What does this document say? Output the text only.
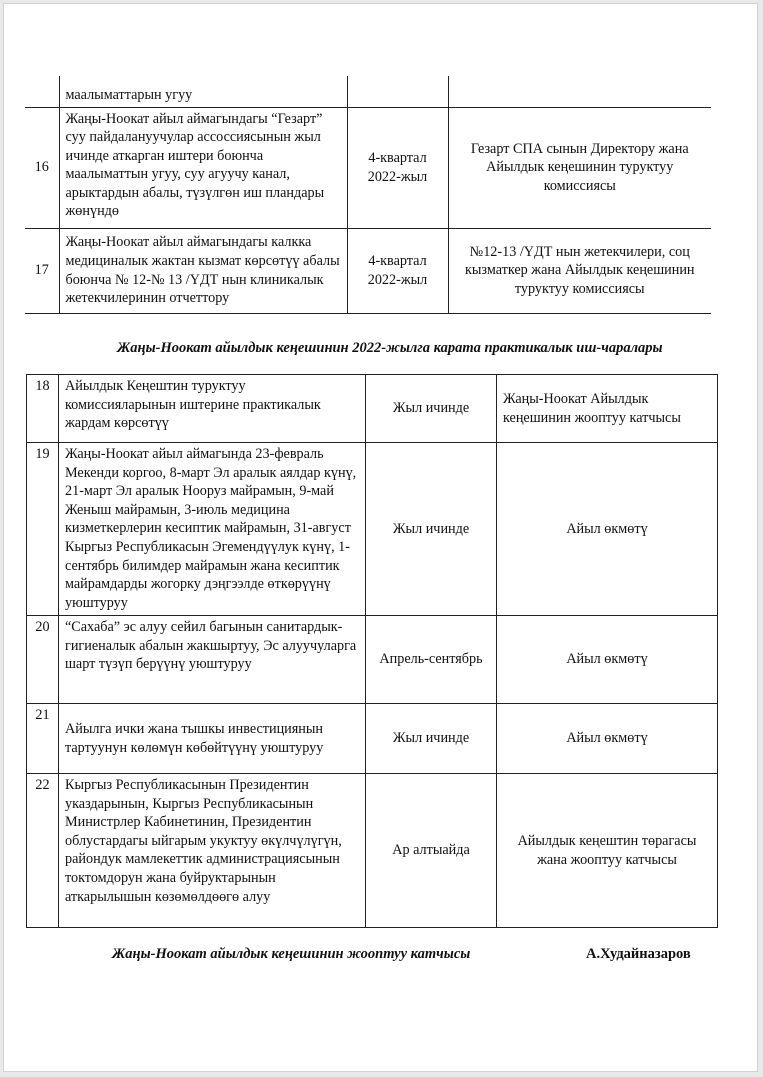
	маалыматтарын угуу		
16	Жаңы-Ноокат айыл аймагындагы “Гезарт” суу пайдалануучулар ассоссиясынын жыл ичинде аткарган иштери боюнча маалыматтын угуу, суу агуучу канал, арыктардын абалы, түзүлгөн иш пландары жөнүндө	4-квартал 2022-жыл	Гезарт СПА сынын Директору жана Айылдык кеңешинин туруктуу комиссиясы
17	Жаңы-Ноокат айыл аймагындагы калкка медициналык жактан кызмат көрсөтүү абалы боюнча № 12-№ 13 /ҮДТ нын клиникалык жетекчилеринин отчеттору	4-квартал 2022-жыл	№12-13 /ҮДТ нын жетекчилери, соц кызматкер жана Айылдык кеңешинин туруктуу комиссиясы
Жаңы-Ноокат айылдык кеңешинин 2022-жылга карата практикалык иш-чаралары
18	Айылдык Кеңештин туруктуу комиссияларынын иштерине практикалык жардам көрсөтүү	Жыл ичинде	Жаңы-Ноокат Айылдык кеңешинин жооптуу катчысы
19	Жаңы-Ноокат айыл аймагында 23-февраль Мекенди коргоо, 8-март Эл аралык аялдар күнү, 21-март Эл аралык Нооруз майрамын, 9-май Женыш майрамын, 3-июль медицина кизметкерлерин кесиптик майрамын, 31-август Кыргыз Республикасын Эгемендүүлук күнү, 1-сентябрь билимдер майрамын жана кесиптик майрамдарды жогорку дэңгээлде өткөрүүнү уюштуруу	Жыл ичинде	Айыл өкмөтү
20	“Сахаба” эс алуу сейил багынын санитардык-гигиеналык абалын жакшыртуу, Эс алуучуларга шарт түзүп берүүнү уюштуруу	Апрель-сентябрь	Айыл өкмөтү
21	Айылга ички жана тышкы инвестициянын тартуунун көлөмүн көбөйтүүнү уюштуруу	Жыл ичинде	Айыл өкмөтү
22	Кыргыз Республикасынын Президентин указдарынын, Кыргыз Республикасынын Министрлер Кабинетинин, Президентин облустардагы ыйгарым укуктуу өкүлчүлүгүн, райондук мамлекеттик администрациясынын токтомдорун жана буйруктарынын аткарылышын көзөмөлдөөгө алуу	Ар алтыайда	Айылдык кеңештин төрагасы жана жооптуу катчысы
Жаңы-Ноокат айылдык кеңешинин жооптуу катчысы	А.Худайназаров
